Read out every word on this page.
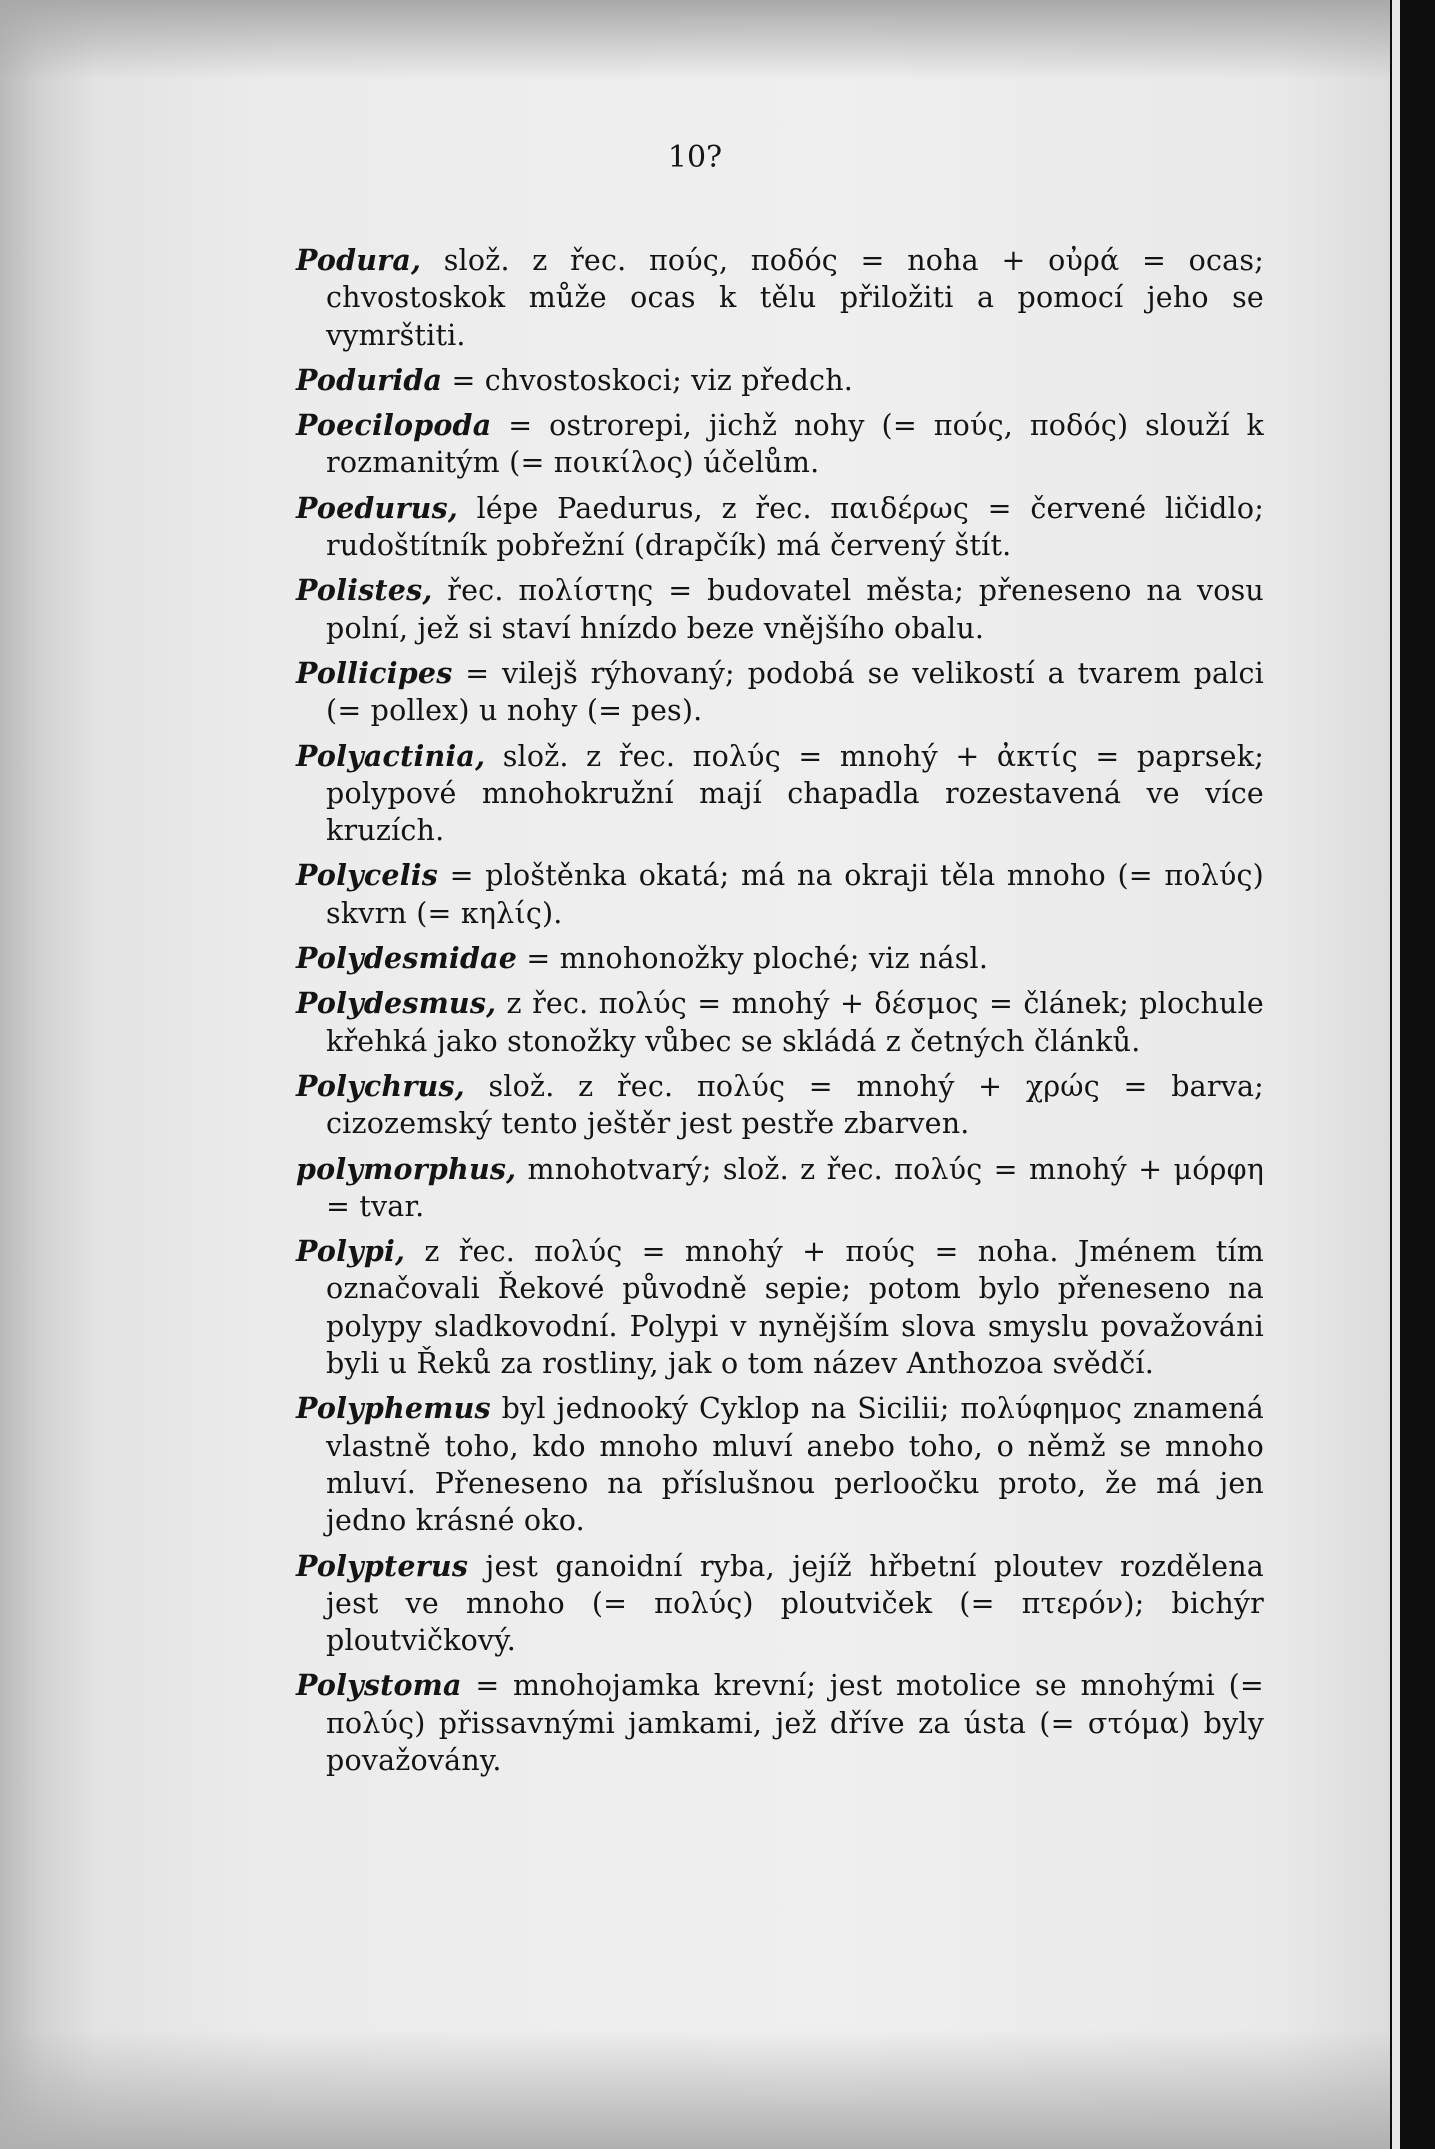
10?

Podura, slož. z řec. πούς, ποδός = noha + οὐρά = ocas; chvostoskok může ocas k tělu přiložiti a pomocí jeho se vymrštiti.

Podurida = chvostoskoci; viz předch.

Poecilopoda = ostrorepi, jichž nohy (= πούς, ποδός) slouží k rozmanitým (= ποικίλος) účelům.

Poedurus, lépe Paedurus, z řec. παιδέρως = červené ličidlo; rudoštítník pobřežní (drapčík) má červený štít.

Polistes, řec. πολίστης = budovatel města; přeneseno na vosu polní, jež si staví hnízdo beze vnějšího obalu.

Pollicipes = vilejš rýhovaný; podobá se velikostí a tvarem palci (= pollex) u nohy (= pes).

Polyactinia, slož. z řec. πολύς = mnohý + ἀκτίς = paprsek; polypové mnohokružní mají chapadla rozestavená ve více kruzích.

Polycelis = ploštěnka okatá; má na okraji těla mnoho (= πολύς) skvrn (= κηλίς).

Polydesmidae = mnohonožky ploché; viz násl.

Polydesmus, z řec. πολύς = mnohý + δέσμος = článek; plochule křehká jako stonožky vůbec se skládá z četných článků.

Polychrus, slož. z řec. πολύς = mnohý + χρώς = barva; cizozemský tento ještěr jest pestře zbarven.

polymorphus, mnohotvarý; slož. z řec. πολύς = mnohý + μόρφη = tvar.

Polypi, z řec. πολύς = mnohý + πούς = noha. Jménem tím označovali Řekové původně sepie; potom bylo přeneseno na polypy sladkovodní. Polypi v nynějším slova smyslu považováni byli u Řeků za rostliny, jak o tom název Anthozoa svědčí.

Polyphemus byl jednooký Cyklop na Sicilii; πολύφημος znamená vlastně toho, kdo mnoho mluví anebo toho, o němž se mnoho mluví. Přeneseno na příslušnou perloočku proto, že má jen jedno krásné oko.

Polypterus jest ganoidní ryba, jejíž hřbetní ploutev rozdělena jest ve mnoho (= πολύς) ploutviček (= πτερόν); bichýr ploutvičkový.

Polystoma = mnohojamka krevní; jest motolice se mnohými (= πολύς) přissavnými jamkami, jež dříve za ústa (= στόμα) byly považovány.
